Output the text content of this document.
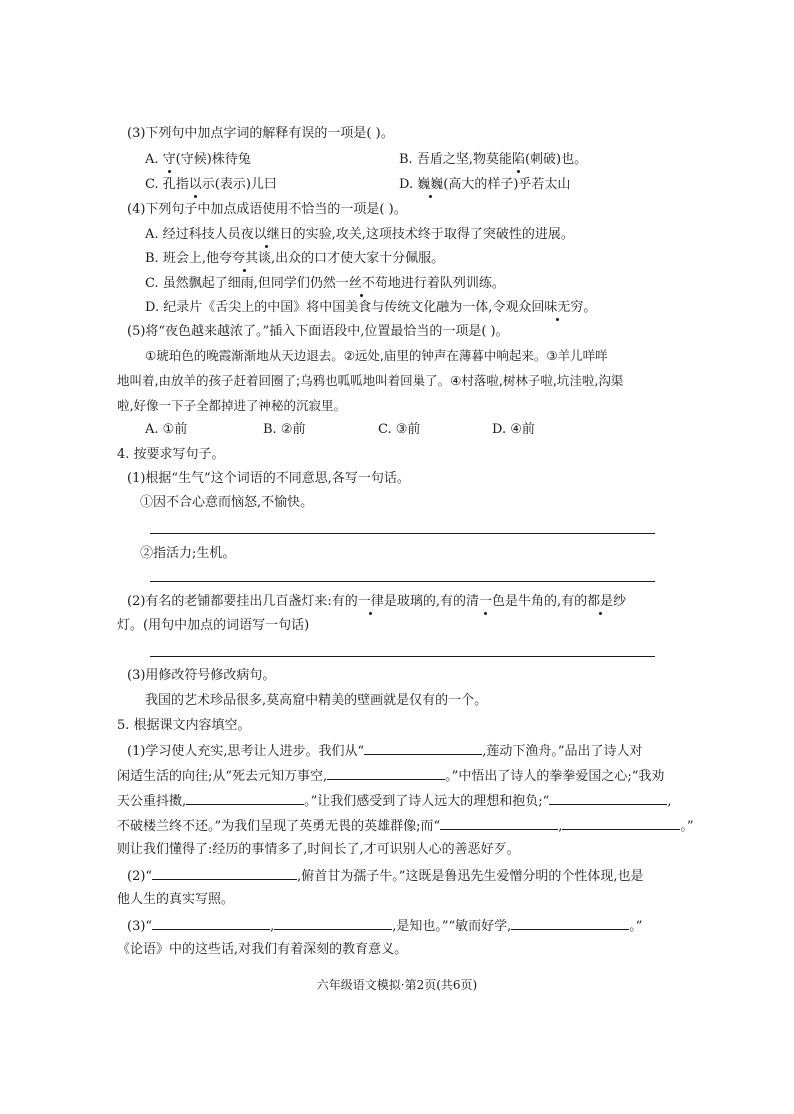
(3)下列句中加点字词的解释有误的一项是( )。
A. 守(守候)株待兔	B. 吾盾之坚,物莫能陷(刺破)也。
C. 孔指以示(表示)儿曰	D. 巍巍(高大的样子)乎若太山
(4)下列句子中加点成语使用不恰当的一项是( )。
A. 经过科技人员夜以继日的实验,攻关,这项技术终于取得了突破性的进展。
B. 班会上,他夸夸其谈,出众的口才使大家十分佩服。
C. 虽然飘起了细雨,但同学们仍然一丝不苟地进行着队列训练。
D. 纪录片《舌尖上的中国》将中国美食与传统文化融为一体,令观众回味无穷。
(5)将“夜色越来越浓了。”插入下面语段中,位置最恰当的一项是( )。
①琥珀色的晚霞渐渐地从天边退去。②远处,庙里的钟声在薄暮中响起来。③羊儿咩咩
地叫着,由放羊的孩子赶着回圈了;乌鸦也呱呱地叫着回巢了。④村落啦,树林子啦,坑洼啦,沟渠
啦,好像一下子全都掉进了神秘的沉寂里。
A. ①前	B. ②前	C. ③前	D. ④前
4. 按要求写句子。
(1)根据“生气”这个词语的不同意思,各写一句话。
①因不合心意而恼怒,不愉快。
②指活力;生机。
(2)有名的老铺都要挂出几百盏灯来:有的一律是玻璃的,有的清一色是牛角的,有的都是纱
灯。(用句中加点的词语写一句话)
(3)用修改符号修改病句。
我国的艺术珍品很多,莫高窟中精美的壁画就是仅有的一个。
5. 根据课文内容填空。
(1)学习使人充实,思考让人进步。我们从“	,莲动下渔舟。”品出了诗人对
闲适生活的向往;从“死去元知万事空,	。”中悟出了诗人的拳拳爱国之心;“我劝
天公重抖擞,	。”让我们感受到了诗人远大的理想和抱负;“	,
不破楼兰终不还。”为我们呈现了英勇无畏的英雄群像;而“	,	。”
则让我们懂得了:经历的事情多了,时间长了,才可识别人心的善恶好歹。
(2)“	,俯首甘为孺子牛。”这既是鲁迅先生爱憎分明的个性体现,也是
他人生的真实写照。
(3)“	,	,是知也。”“敏而好学,	。”
《论语》中的这些话,对我们有着深刻的教育意义。
六年级语文模拟·第2页(共6页)
